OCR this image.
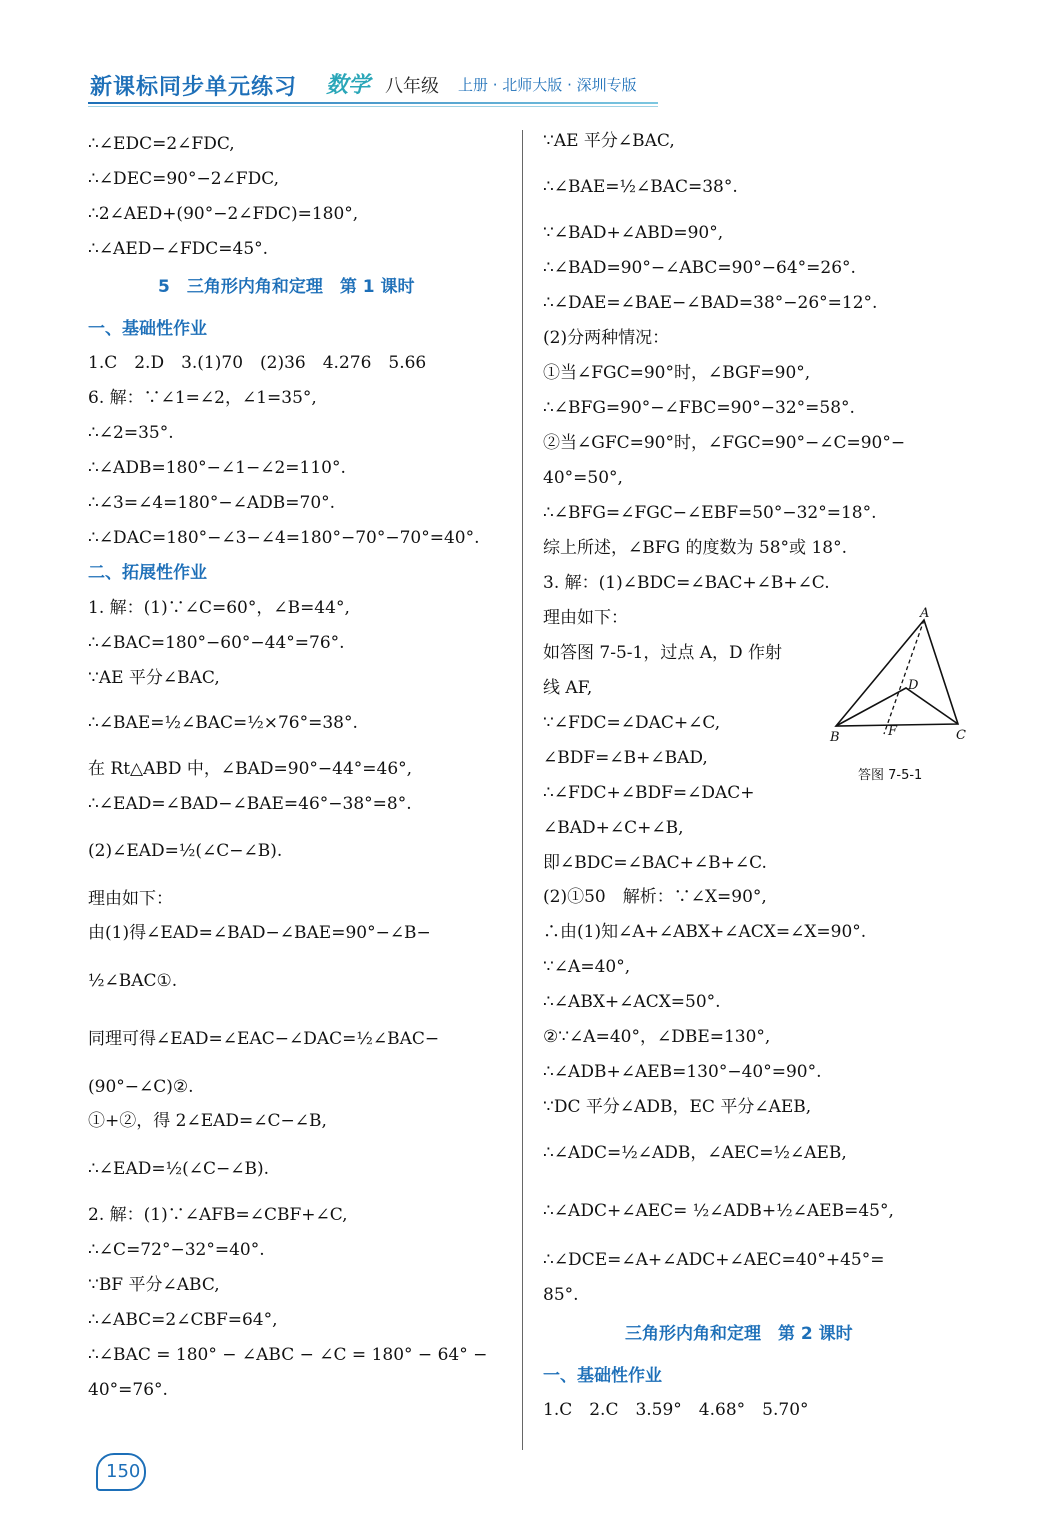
新课标同步单元练习 数学 八年级 上册 · 北师大版 · 深圳专版
∴∠EDC=2∠FDC,
∴∠DEC=90°−2∠FDC,
∴2∠AED+(90°−2∠FDC)=180°,
∴∠AED−∠FDC=45°.
5　三角形内角和定理　第 1 课时
一、基础性作业
1.C　2.D　3.(1)70　(2)36　4.276　5.66
6. 解：∵∠1=∠2，∠1=35°,
∴∠2=35°.
∴∠ADB=180°−∠1−∠2=110°.
∴∠3=∠4=180°−∠ADB=70°.
∴∠DAC=180°−∠3−∠4=180°−70°−70°=40°.
二、拓展性作业
1. 解：(1)∵∠C=60°，∠B=44°,
∴∠BAC=180°−60°−44°=76°.
∵AE 平分∠BAC,
∴∠BAE=½∠BAC=½×76°=38°.
在 Rt△ABD 中，∠BAD=90°−44°=46°,
∴∠EAD=∠BAD−∠BAE=46°−38°=8°.
(2)∠EAD=½(∠C−∠B).
理由如下：
由(1)得∠EAD=∠BAD−∠BAE=90°−∠B−
½∠BAC①.
同理可得∠EAD=∠EAC−∠DAC=½∠BAC−
(90°−∠C)②.
①+②，得 2∠EAD=∠C−∠B,
∴∠EAD=½(∠C−∠B).
2. 解：(1)∵∠AFB=∠CBF+∠C,
∴∠C=72°−32°=40°.
∵BF 平分∠ABC,
∴∠ABC=2∠CBF=64°,
∴∠BAC = 180° − ∠ABC − ∠C = 180° − 64° −
40°=76°.
∵AE 平分∠BAC,
∴∠BAE=½∠BAC=38°.
∵∠BAD+∠ABD=90°,
∴∠BAD=90°−∠ABC=90°−64°=26°.
∴∠DAE=∠BAE−∠BAD=38°−26°=12°.
(2)分两种情况：
①当∠FGC=90°时，∠BGF=90°,
∴∠BFG=90°−∠FBC=90°−32°=58°.
②当∠GFC=90°时，∠FGC=90°−∠C=90°−
40°=50°,
∴∠BFG=∠FGC−∠EBF=50°−32°=18°.
综上所述，∠BFG 的度数为 58°或 18°.
3. 解：(1)∠BDC=∠BAC+∠B+∠C.
理由如下：
如答图 7-5-1，过点 A，D 作射
线 AF,
∵∠FDC=∠DAC+∠C,
∠BDF=∠B+∠BAD,
∴∠FDC+∠BDF=∠DAC+
∠BAD+∠C+∠B,
即∠BDC=∠BAC+∠B+∠C.
(2)①50　解析：∵∠X=90°,
∴由(1)知∠A+∠ABX+∠ACX=∠X=90°.
∵∠A=40°,
∴∠ABX+∠ACX=50°.
②∵∠A=40°，∠DBE=130°,
∴∠ADB+∠AEB=130°−40°=90°.
∵DC 平分∠ADB，EC 平分∠AEB,
∴∠ADC=½∠ADB，∠AEC=½∠AEB,
∴∠ADC+∠AEC= ½∠ADB+½∠AEB=45°,
∴∠DCE=∠A+∠ADC+∠AEC=40°+45°=
85°.
三角形内角和定理　第 2 课时
一、基础性作业
1.C　2.C　3.59°　4.68°　5.70°
A
B	C
D
F
答图 7-5-1
150
